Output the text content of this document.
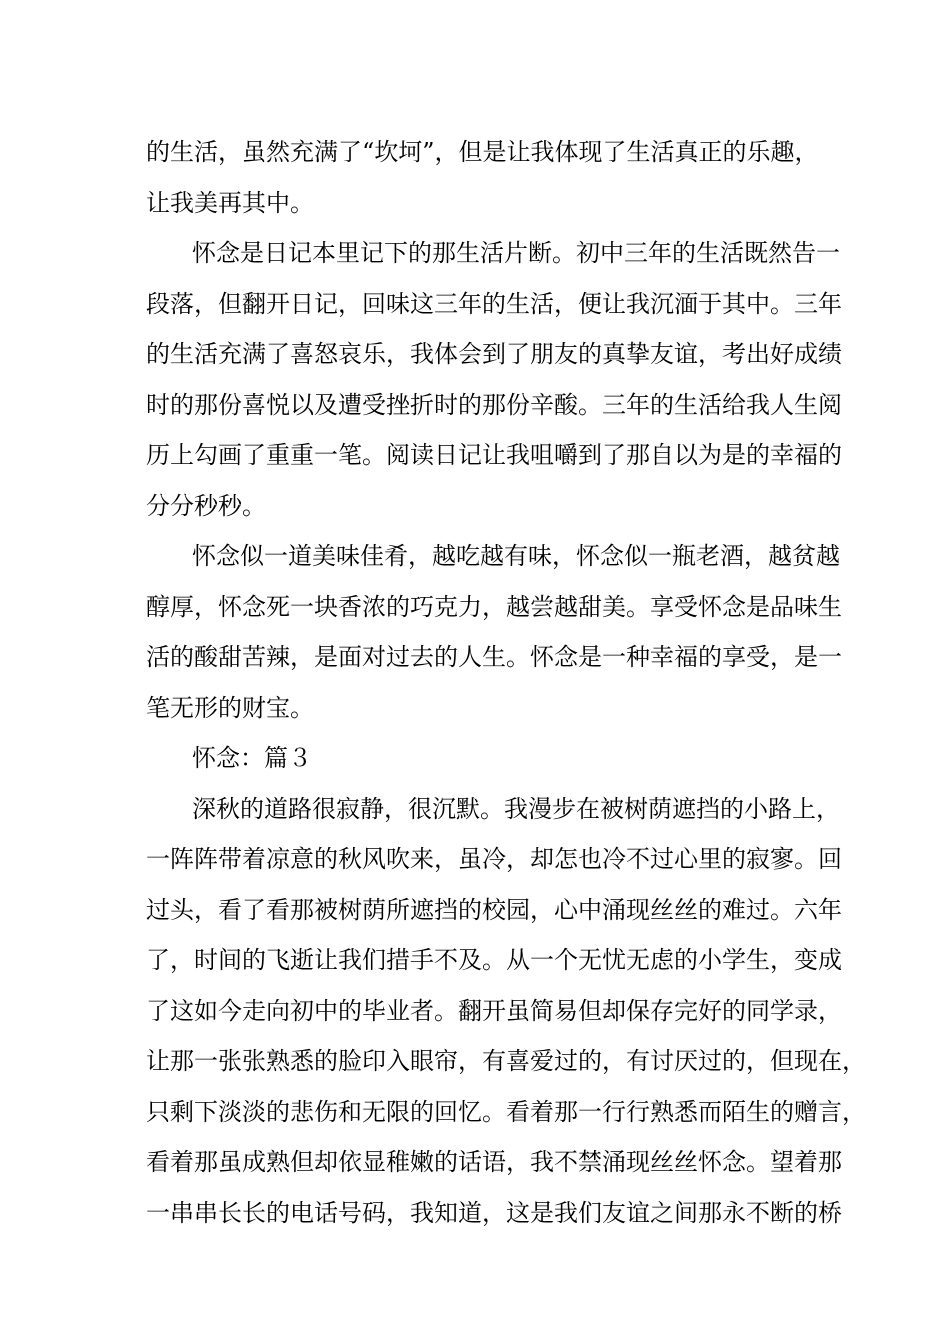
的生活，虽然充满了“坎坷”，但是让我体现了生活真正的乐趣，
让我美再其中。
怀念是日记本里记下的那生活片断。初中三年的生活既然告一
段落，但翻开日记，回味这三年的生活，便让我沉湎于其中。三年
的生活充满了喜怒哀乐，我体会到了朋友的真挚友谊，考出好成绩
时的那份喜悦以及遭受挫折时的那份辛酸。三年的生活给我人生阅
历上勾画了重重一笔。阅读日记让我咀嚼到了那自以为是的幸福的
分分秒秒。
怀念似一道美味佳肴，越吃越有味，怀念似一瓶老酒，越贫越
醇厚，怀念死一块香浓的巧克力，越尝越甜美。享受怀念是品味生
活的酸甜苦辣，是面对过去的人生。怀念是一种幸福的享受，是一
笔无形的财宝。
怀念：篇３
深秋的道路很寂静，很沉默。我漫步在被树荫遮挡的小路上，
一阵阵带着凉意的秋风吹来，虽冷，却怎也冷不过心里的寂寥。回
过头，看了看那被树荫所遮挡的校园，心中涌现丝丝的难过。六年
了，时间的飞逝让我们措手不及。从一个无忧无虑的小学生，变成
了这如今走向初中的毕业者。翻开虽简易但却保存完好的同学录，
让那一张张熟悉的脸印入眼帘，有喜爱过的，有讨厌过的，但现在，
只剩下淡淡的悲伤和无限的回忆。看着那一行行熟悉而陌生的赠言，
看着那虽成熟但却依显稚嫩的话语，我不禁涌现丝丝怀念。望着那
一串串长长的电话号码，我知道，这是我们友谊之间那永不断的桥
